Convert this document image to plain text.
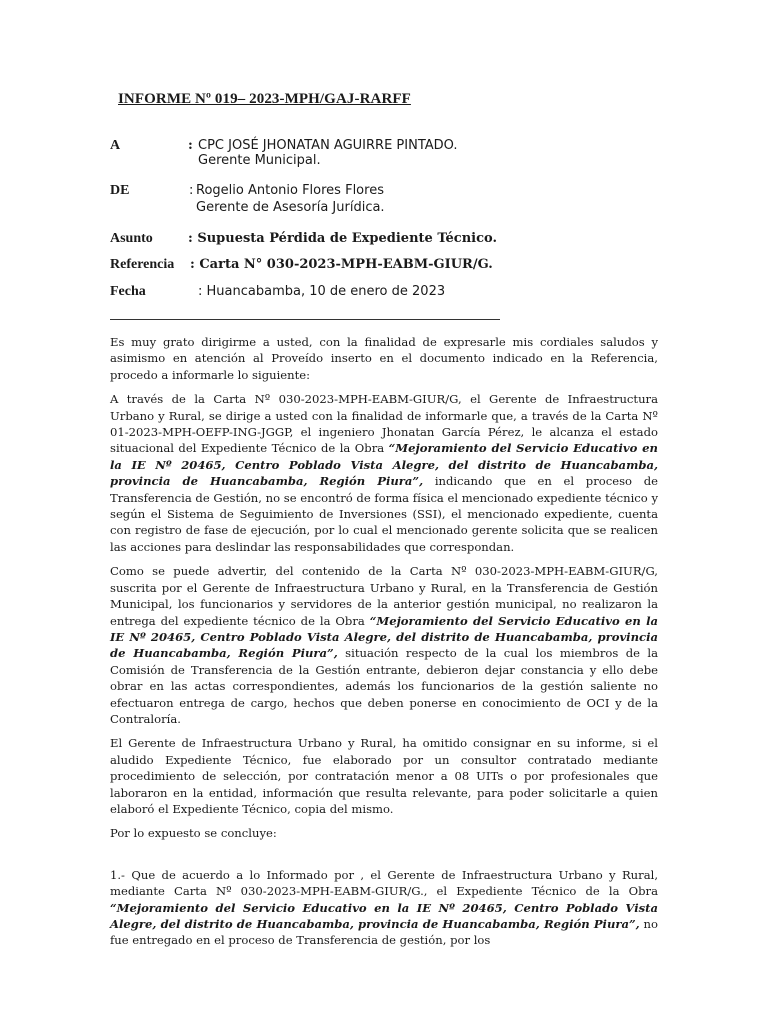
INFORME Nº 019– 2023-MPH/GAJ-RARFF
A	: CPC JOSÉ JHONATAN AGUIRRE PINTADO.
Gerente Municipal.
DE	: Rogelio Antonio Flores Flores
Gerente de Asesoría Jurídica.
Asunto	: Supuesta Pérdida de Expediente Técnico.
Referencia : Carta N° 030-2023-MPH-EABM-GIUR/G.
Fecha	: Huancabamba, 10 de enero de 2023

Es muy grato dirigirme a usted, con la finalidad de expresarle mis cordiales saludos y asimismo en atención al Proveído inserto en el documento indicado en la Referencia, procedo a informarle lo siguiente:

A través de la Carta Nº 030-2023-MPH-EABM-GIUR/G, el Gerente de Infraestructura Urbano y Rural, se dirige a usted con la finalidad de informarle que, a través de la Carta Nº 01-2023-MPH-OEFP-ING-JGGP, el ingeniero Jhonatan García Pérez, le alcanza el estado situacional del Expediente Técnico de la Obra “Mejoramiento del Servicio Educativo en la IE Nº 20465, Centro Poblado Vista Alegre, del distrito de Huancabamba, provincia de Huancabamba, Región Piura”, indicando que en el proceso de Transferencia de Gestión, no se encontró de forma física el mencionado expediente técnico y según el Sistema de Seguimiento de Inversiones (SSI), el mencionado expediente, cuenta con registro de fase de ejecución, por lo cual el mencionado gerente solicita que se realicen las acciones para deslindar las responsabilidades que correspondan.

Como se puede advertir, del contenido de la Carta Nº 030-2023-MPH-EABM-GIUR/G, suscrita por el Gerente de Infraestructura Urbano y Rural, en la Transferencia de Gestión Municipal, los funcionarios y servidores de la anterior gestión municipal, no realizaron la entrega del expediente técnico de la Obra “Mejoramiento del Servicio Educativo en la IE Nº 20465, Centro Poblado Vista Alegre, del distrito de Huancabamba, provincia de Huancabamba, Región Piura”, situación respecto de la cual los miembros de la Comisión de Transferencia de la Gestión entrante, debieron dejar constancia y ello debe obrar en las actas correspondientes, además los funcionarios de la gestión saliente no efectuaron entrega de cargo, hechos que deben ponerse en conocimiento de OCI y de la Contraloría.

El Gerente de Infraestructura Urbano y Rural, ha omitido consignar en su informe, si el aludido Expediente Técnico, fue elaborado por un consultor contratado mediante procedimiento de selección, por contratación menor a 08 UITs o por profesionales que laboraron en la entidad, información que resulta relevante, para poder solicitarle a quien elaboró el Expediente Técnico, copia del mismo.

Por lo expuesto se concluye:

1.- Que de acuerdo a lo Informado por , el Gerente de Infraestructura Urbano y Rural, mediante Carta Nº 030-2023-MPH-EABM-GIUR/G., el Expediente Técnico de la Obra “Mejoramiento del Servicio Educativo en la IE Nº 20465, Centro Poblado Vista Alegre, del distrito de Huancabamba, provincia de Huancabamba, Región Piura”, no fue entregado en el proceso de Transferencia de gestión, por los
